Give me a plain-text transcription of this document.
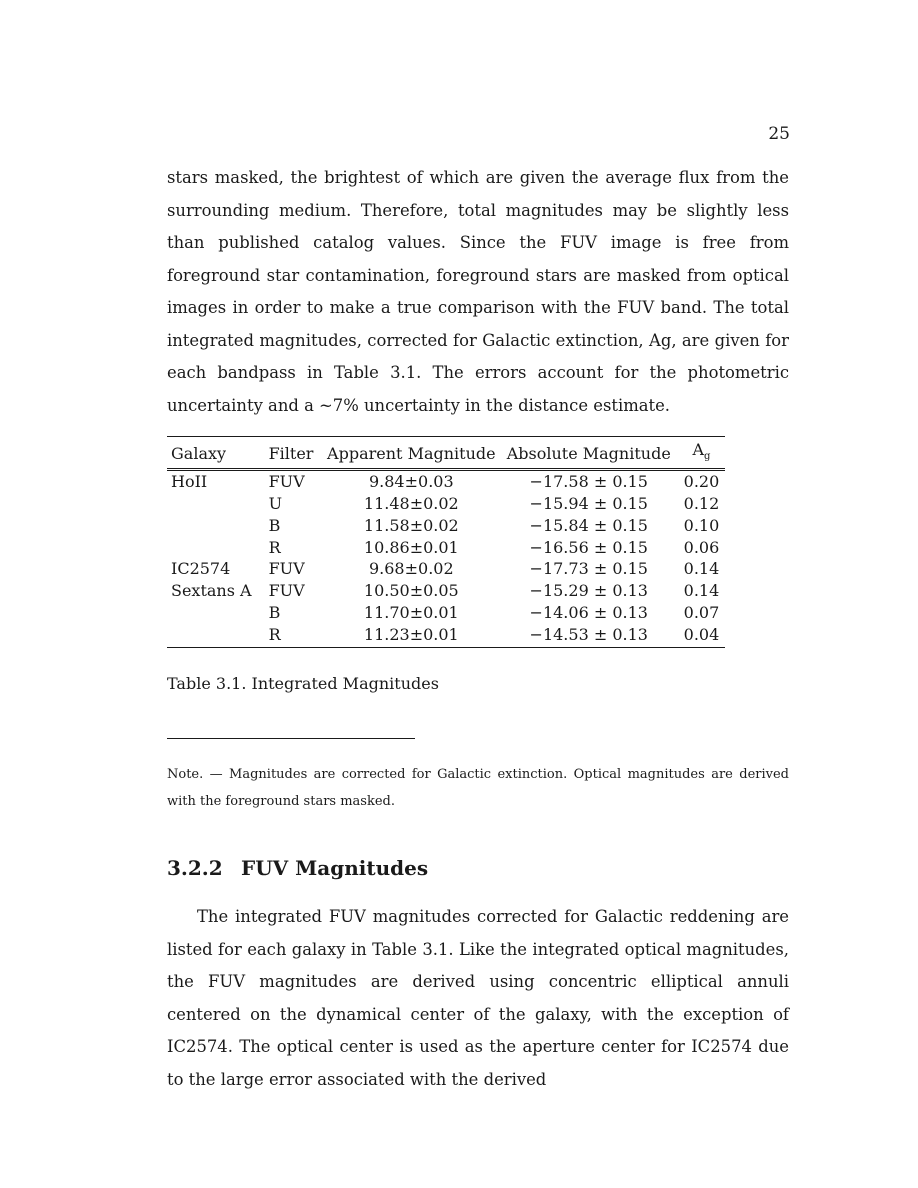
25

stars masked, the brightest of which are given the average flux from the surrounding medium. Therefore, total magnitudes may be slightly less than published catalog values. Since the FUV image is free from foreground star contamination, foreground stars are masked from optical images in order to make a true comparison with the FUV band. The total integrated magnitudes, corrected for Galactic extinction, Ag, are given for each bandpass in Table 3.1. The errors account for the photometric uncertainty and a ~7% uncertainty in the distance estimate.

Galaxy	Filter	Apparent Magnitude	Absolute Magnitude	$A_g$
HoII	FUV	9.84±0.03	−17.58 ± 0.15	0.20
	U	11.48±0.02	−15.94 ± 0.15	0.12
	B	11.58±0.02	−15.84 ± 0.15	0.10
	R	10.86±0.01	−16.56 ± 0.15	0.06
IC2574	FUV	9.68±0.02	−17.73 ± 0.15	0.14
Sextans A	FUV	10.50±0.05	−15.29 ± 0.13	0.14
	B	11.70±0.01	−14.06 ± 0.13	0.07
	R	11.23±0.01	−14.53 ± 0.13	0.04
Table 3.1. Integrated Magnitudes

Note. — Magnitudes are corrected for Galactic extinction. Optical magnitudes are derived with the foreground stars masked.

3.2.2 FUV Magnitudes

The integrated FUV magnitudes corrected for Galactic reddening are listed for each galaxy in Table 3.1. Like the integrated optical magnitudes, the FUV magnitudes are derived using concentric elliptical annuli centered on the dynamical center of the galaxy, with the exception of IC2574. The optical center is used as the aperture center for IC2574 due to the large error associated with the derived
